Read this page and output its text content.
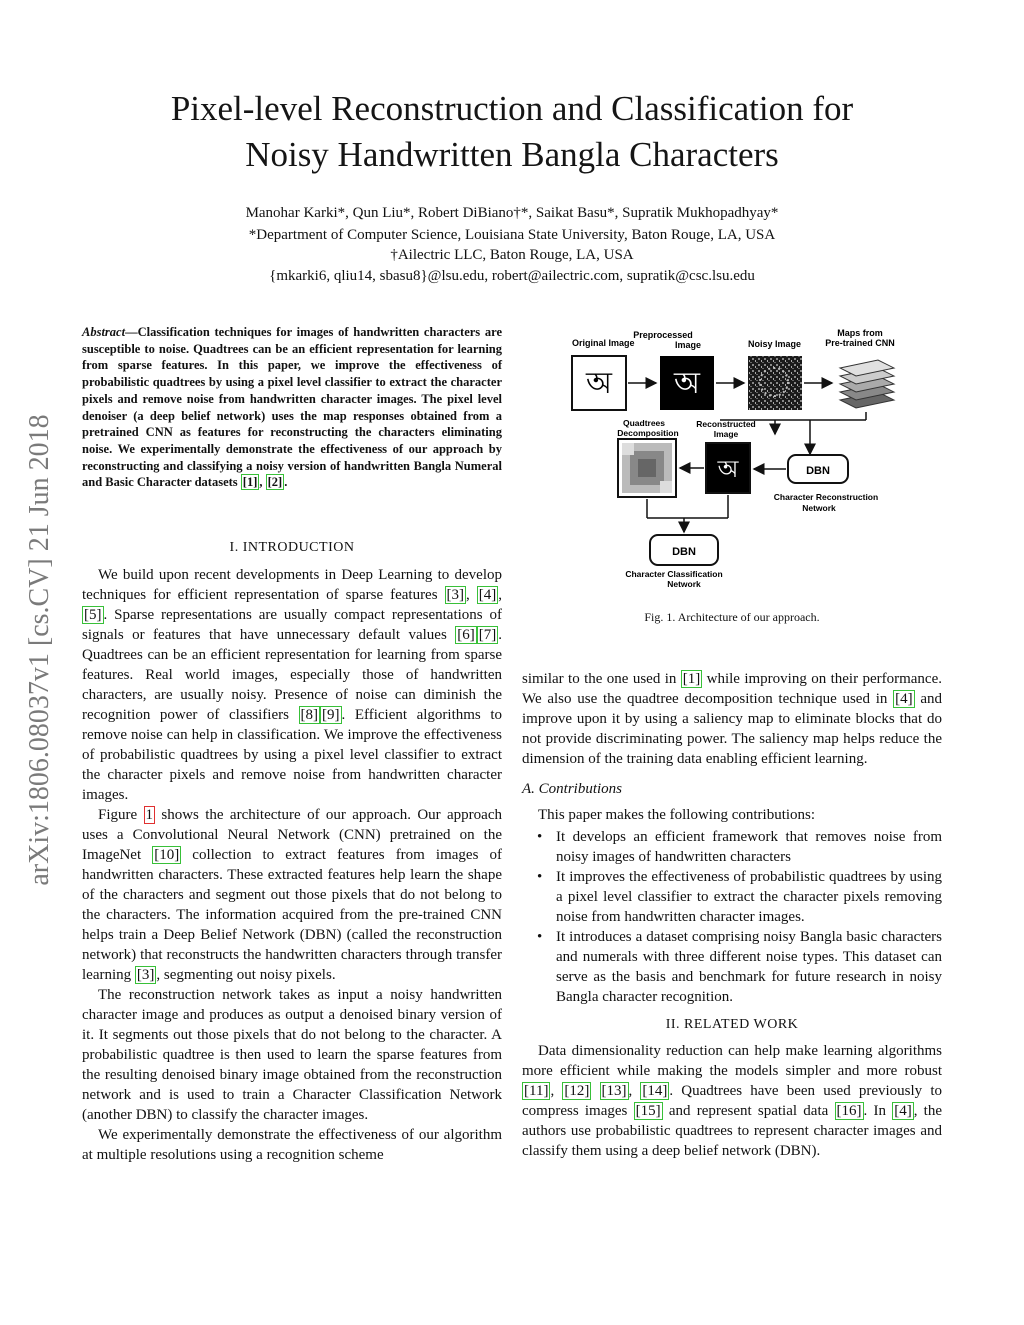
arXiv:1806.08037v1 [cs.CV] 21 Jun 2018
Pixel-level Reconstruction and Classification for
Noisy Handwritten Bangla Characters
Manohar Karki*, Qun Liu*, Robert DiBiano†*, Saikat Basu*, Supratik Mukhopadhyay*
*Department of Computer Science, Louisiana State University, Baton Rouge, LA, USA
†Ailectric LLC, Baton Rouge, LA, USA
{mkarki6, qliu14, sbasu8}@lsu.edu, robert@ailectric.com, supratik@csc.lsu.edu
Abstract—Classification techniques for images of handwritten characters are susceptible to noise. Quadtrees can be an efficient representation for learning from sparse features. In this paper, we improve the effectiveness of probabilistic quadtrees by using a pixel level classifier to extract the character pixels and remove noise from handwritten character images. The pixel level denoiser (a deep belief network) uses the map responses obtained from a pretrained CNN as features for reconstructing the characters eliminating noise. We experimentally demonstrate the effectiveness of our approach by reconstructing and classifying a noisy version of handwritten Bangla Numeral and Basic Character datasets [1] , [2] .
I. INTRODUCTION

We build upon recent developments in Deep Learning to develop techniques for efficient representation of sparse features [3] , [4] , [5] . Sparse representations are usually compact representations of signals or features that have unnecessary default values [6] [7] . Quadtrees can be an efficient representation for learning from sparse features. Real world images, especially those of handwritten characters, are usually noisy. Presence of noise can diminish the recognition power of classifiers [8] [9] . Efficient algorithms to remove noise can help in classification. We improve the effectiveness of probabilistic quadtrees by using a pixel level classifier to extract the character pixels and remove noise from handwritten character images.

Figure 1 shows the architecture of our approach. Our approach uses a Convolutional Neural Network (CNN) pretrained on the ImageNet [10] collection to extract features from images of handwritten characters. These extracted features help learn the shape of the characters and segment out those pixels that do not belong to the characters. The information acquired from the pre-trained CNN helps train a Deep Belief Network (DBN) (called the reconstruction network) that reconstructs the handwritten characters through transfer learning [3] , segmenting out noisy pixels.

The reconstruction network takes as input a noisy handwritten character image and produces as output a denoised binary version of it. It segments out those pixels that do not belong to the character. A probabilistic quadtree is then used to learn the sparse features from the resulting denoised binary image obtained from the reconstruction network and is used to train a Character Classification Network (another DBN) to classify the character images.

We experimentally demonstrate the effectiveness of our algorithm at multiple resolutions using a recognition scheme

Original Image
Preprocessed
Image	Noisy Image
Maps from
Pre-trained CNN
অ অ
Quadtrees
Decomposition
Reconstructed
Image
অ	DBN
Character Reconstruction
Network
DBN
Character Classification
Network
Fig. 1. Architecture of our approach.

similar to the one used in [1] while improving on their performance. We also use the quadtree decomposition technique used in [4] and improve upon it by using a saliency map to eliminate blocks that do not provide discriminating power. The saliency map helps reduce the dimension of the training data enabling efficient learning.

A. Contributions

This paper makes the following contributions:

• It develops an efficient framework that removes noise from noisy images of handwritten characters
• It improves the effectiveness of probabilistic quadtrees by using a pixel level classifier to extract the character pixels removing noise from handwritten character images.
• It introduces a dataset comprising noisy Bangla basic characters and numerals with three different noise types. This dataset can serve as the basis and benchmark for future research in noisy Bangla character recognition.
II. RELATED WORK

Data dimensionality reduction can help make learning algorithms more efficient while making the models simpler and more robust [11] , [12] [13] , [14] . Quadtrees have been used previously to compress images [15] and represent spatial data [16] . In [4] , the authors use probabilistic quadtrees to represent character images and classify them using a deep belief network (DBN).
